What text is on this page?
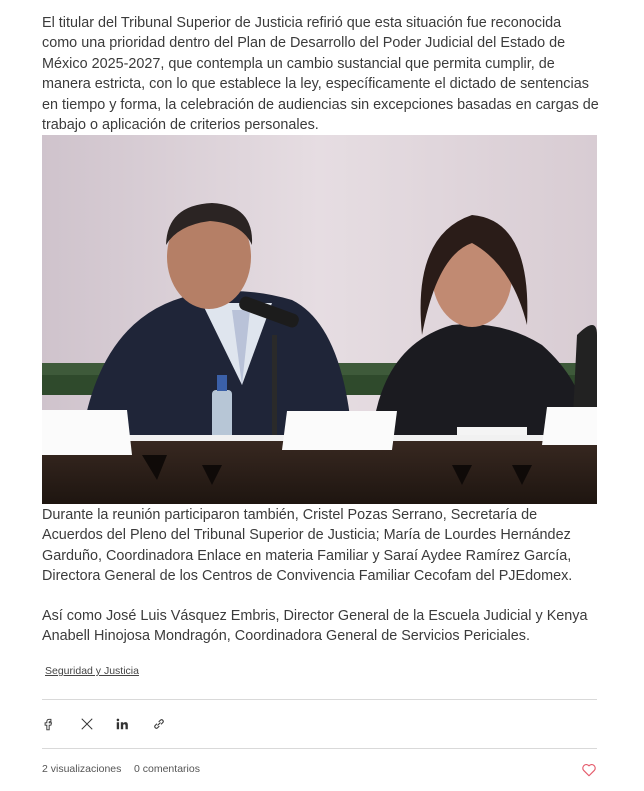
El titular del Tribunal Superior de Justicia refirió que esta situación fue reconocida como una prioridad dentro del Plan de Desarrollo del Poder Judicial del Estado de México 2025-2027, que contempla un cambio sustancial que permita cumplir, de manera estricta, con lo que establece la ley, específicamente el dictado de sentencias en tiempo y forma, la celebración de audiencias sin excepciones basadas en cargas de trabajo o aplicación de criterios personales.

Durante la reunión participaron también, Cristel Pozas Serrano, Secretaría de Acuerdos del Pleno del Tribunal Superior de Justicia; María de Lourdes Hernández Garduño, Coordinadora Enlace en materia Familiar y Saraí Aydee Ramírez García, Directora General de los Centros de Convivencia Familiar Cecofam del PJEdomex.

Así como José Luis Vásquez Embris, Director General de la Escuela Judicial y Kenya Anabell Hinojosa Mondragón, Coordinadora General de Servicios Periciales.

Seguridad y Justicia
2 visualizaciones 0 comentarios
